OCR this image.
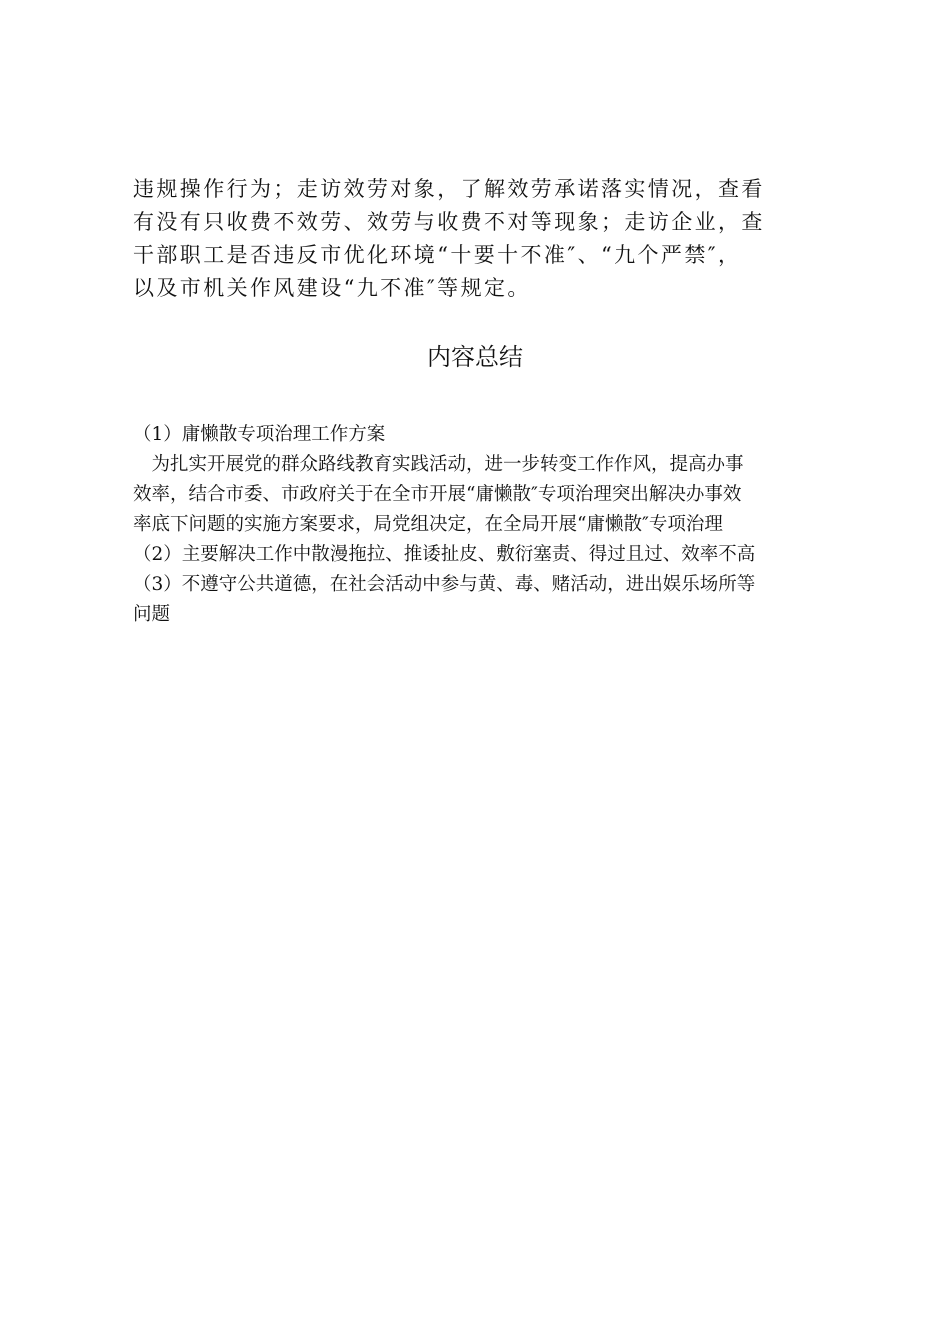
违规操作行为；走访效劳对象，了解效劳承诺落实情况，查看

有没有只收费不效劳、效劳与收费不对等现象；走访企业，查

干部职工是否违反市优化环境“十要十不准″、“九个严禁″，

以及市机关作风建设“九不准″等规定。

内容总结

（1）庸懒散专项治理工作方案

　为扎实开展党的群众路线教育实践活动，进一步转变工作作风，提高办事

效率，结合市委、市政府关于在全市开展“庸懒散″专项治理突出解决办事效

率底下问题的实施方案要求，局党组决定，在全局开展“庸懒散″专项治理

（2）主要解决工作中散漫拖拉、推诿扯皮、敷衍塞责、得过且过、效率不高

（3）不遵守公共道德，在社会活动中参与黄、毒、赌活动，进出娱乐场所等

问题
